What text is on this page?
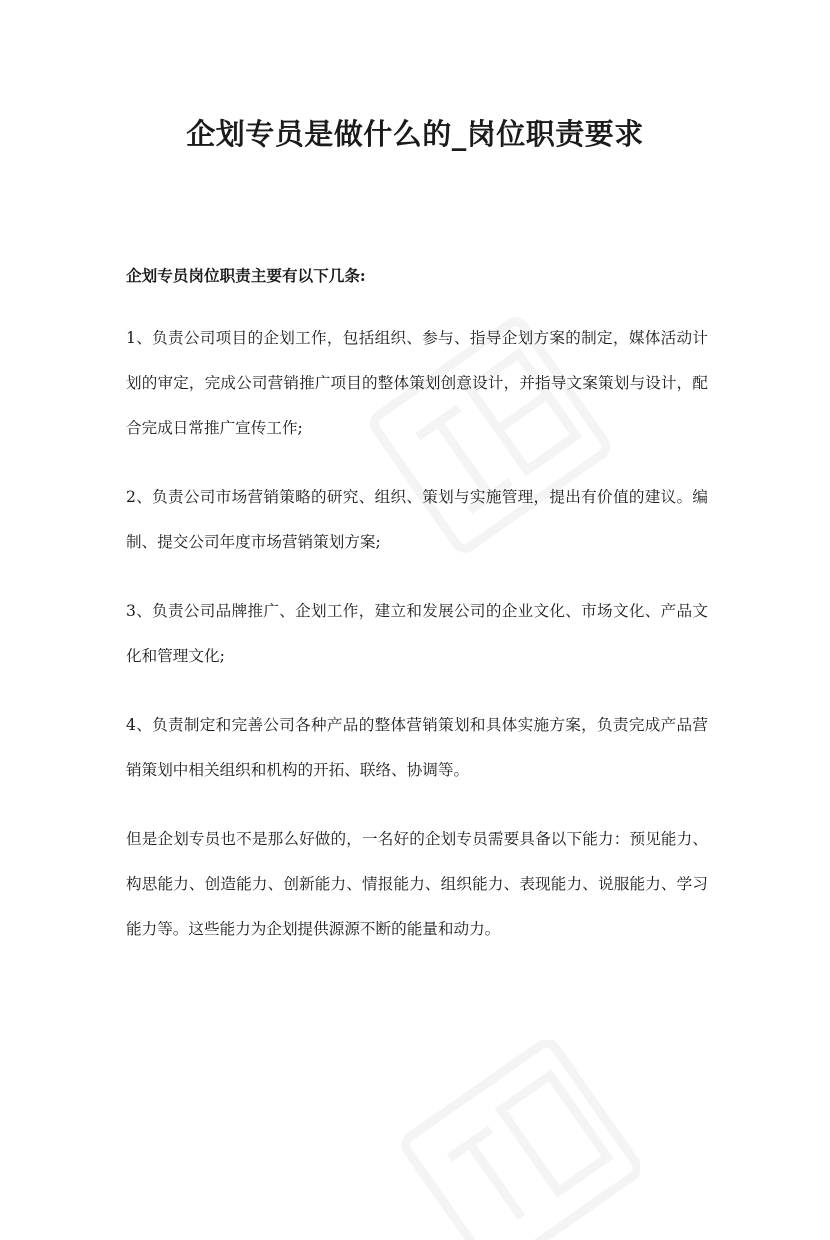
企划专员是做什么的_岗位职责要求

企划专员岗位职责主要有以下几条:

1、负责公司项目的企划工作，包括组织、参与、指导企划方案的制定，媒体活动计划的审定，完成公司营销推广项目的整体策划创意设计，并指导文案策划与设计，配合完成日常推广宣传工作;

2、负责公司市场营销策略的研究、组织、策划与实施管理，提出有价值的建议。编制、提交公司年度市场营销策划方案;

3、负责公司品牌推广、企划工作，建立和发展公司的企业文化、市场文化、产品文化和管理文化;

4、负责制定和完善公司各种产品的整体营销策划和具体实施方案，负责完成产品营销策划中相关组织和机构的开拓、联络、协调等。

但是企划专员也不是那么好做的，一名好的企划专员需要具备以下能力：预见能力、构思能力、创造能力、创新能力、情报能力、组织能力、表现能力、说服能力、学习能力等。这些能力为企划提供源源不断的能量和动力。
